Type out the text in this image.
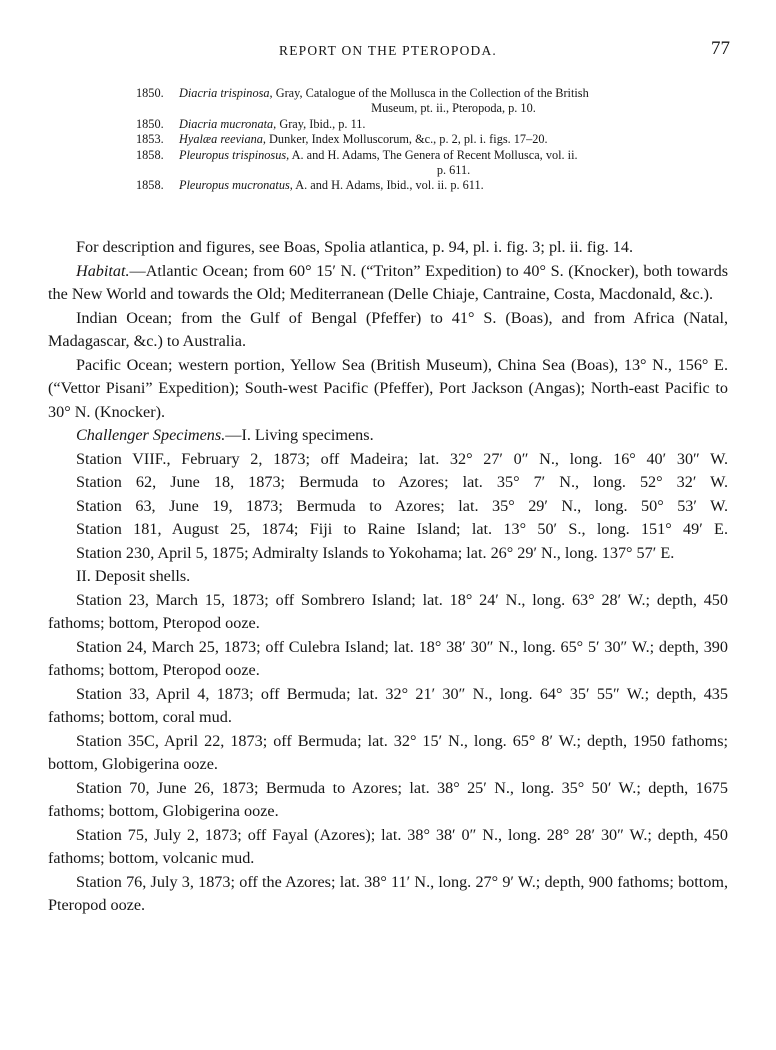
REPORT ON THE PTEROPODA.	77
1850. Diacria trispinosa, Gray, Catalogue of the Mollusca in the Collection of the British
Museum, pt. ii., Pteropoda, p. 10.
1850. Diacria mucronata, Gray, Ibid., p. 11.
1853. Hyalæa reeviana, Dunker, Index Molluscorum, &c., p. 2, pl. i. figs. 17–20.
1858. Pleuropus trispinosus, A. and H. Adams, The Genera of Recent Mollusca, vol. ii.
p. 611.
1858. Pleuropus mucronatus, A. and H. Adams, Ibid., vol. ii. p. 611.

For description and figures, see Boas, Spolia atlantica, p. 94, pl. i. fig. 3; pl. ii. fig. 14.

Habitat.—Atlantic Ocean; from 60° 15′ N. (“Triton” Expedition) to 40° S. (Knocker), both towards the New World and towards the Old; Mediterranean (Delle Chiaje, Cantraine, Costa, Macdonald, &c.).

Indian Ocean; from the Gulf of Bengal (Pfeffer) to 41° S. (Boas), and from Africa (Natal, Madagascar, &c.) to Australia.

Pacific Ocean; western portion, Yellow Sea (British Museum), China Sea (Boas), 13° N., 156° E. (“Vettor Pisani” Expedition); South-west Pacific (Pfeffer), Port Jackson (Angas); North-east Pacific to 30° N. (Knocker).

Challenger Specimens.—I. Living specimens.

Station VIIF., February 2, 1873; off Madeira; lat. 32° 27′ 0″ N., long. 16° 40′ 30″ W.

Station 62, June 18, 1873; Bermuda to Azores; lat. 35° 7′ N., long. 52° 32′ W.

Station 63, June 19, 1873; Bermuda to Azores; lat. 35° 29′ N., long. 50° 53′ W.

Station 181, August 25, 1874; Fiji to Raine Island; lat. 13° 50′ S., long. 151° 49′ E.

Station 230, April 5, 1875; Admiralty Islands to Yokohama; lat. 26° 29′ N., long. 137° 57′ E.

II. Deposit shells.

Station 23, March 15, 1873; off Sombrero Island; lat. 18° 24′ N., long. 63° 28′ W.; depth, 450 fathoms; bottom, Pteropod ooze.

Station 24, March 25, 1873; off Culebra Island; lat. 18° 38′ 30″ N., long. 65° 5′ 30″ W.; depth, 390 fathoms; bottom, Pteropod ooze.

Station 33, April 4, 1873; off Bermuda; lat. 32° 21′ 30″ N., long. 64° 35′ 55″ W.; depth, 435 fathoms; bottom, coral mud.

Station 35C, April 22, 1873; off Bermuda; lat. 32° 15′ N., long. 65° 8′ W.; depth, 1950 fathoms; bottom, Globigerina ooze.

Station 70, June 26, 1873; Bermuda to Azores; lat. 38° 25′ N., long. 35° 50′ W.; depth, 1675 fathoms; bottom, Globigerina ooze.

Station 75, July 2, 1873; off Fayal (Azores); lat. 38° 38′ 0″ N., long. 28° 28′ 30″ W.; depth, 450 fathoms; bottom, volcanic mud.

Station 76, July 3, 1873; off the Azores; lat. 38° 11′ N., long. 27° 9′ W.; depth, 900 fathoms; bottom, Pteropod ooze.
